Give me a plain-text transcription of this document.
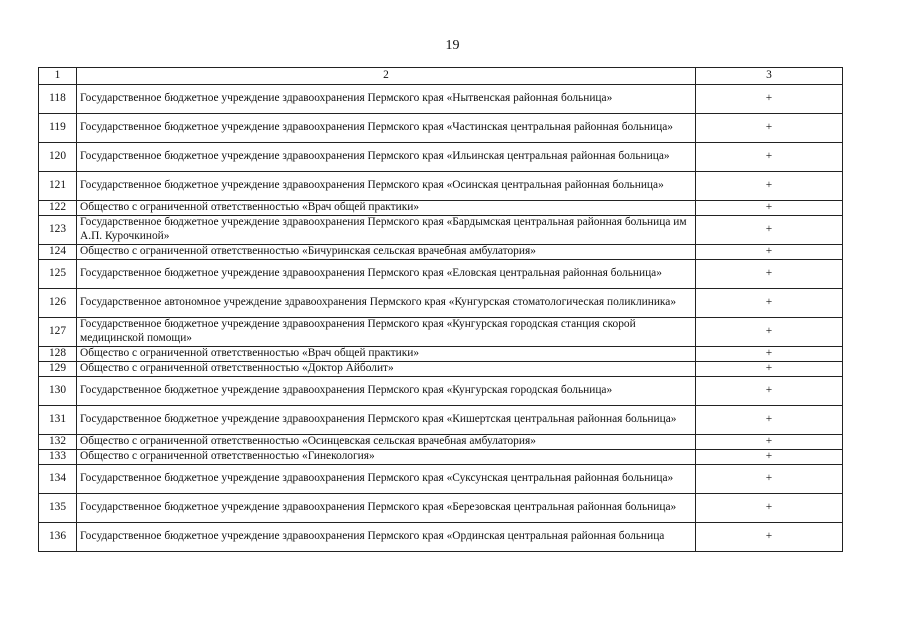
19
1	2	3
118	Государственное бюджетное учреждение здравоохранения Пермского края «Нытвенская районная больница»	+
119	Государственное бюджетное учреждение здравоохранения Пермского края «Частинская центральная районная больница»	+
120	Государственное бюджетное учреждение здравоохранения Пермского края «Ильинская центральная районная больница»	+
121	Государственное бюджетное учреждение здравоохранения Пермского края «Осинская центральная районная больница»	+
122	Общество с ограниченной ответственностью «Врач общей практики»	+
123	Государственное бюджетное учреждение здравоохранения Пермского края «Бардымская центральная районная больница им А.П. Курочкиной»	+
124	Общество с ограниченной ответственностью «Бичуринская сельская врачебная амбулатория»	+
125	Государственное бюджетное учреждение здравоохранения Пермского края «Еловская центральная районная больница»	+
126	Государственное автономное учреждение здравоохранения Пермского края «Кунгурская стоматологическая поликлиника»	+
127	Государственное бюджетное учреждение здравоохранения Пермского края «Кунгурская городская станция скорой медицинской помощи»	+
128	Общество с ограниченной ответственностью «Врач общей практики»	+
129	Общество с ограниченной ответственностью «Доктор Айболит»	+
130	Государственное бюджетное учреждение здравоохранения Пермского края «Кунгурская городская больница»	+
131	Государственное бюджетное учреждение здравоохранения Пермского края «Кишертская центральная районная больница»	+
132	Общество с ограниченной ответственностью «Осинцевская сельская врачебная амбулатория»	+
133	Общество с ограниченной ответственностью «Гинекология»	+
134	Государственное бюджетное учреждение здравоохранения Пермского края «Суксунская центральная районная больница»	+
135	Государственное бюджетное учреждение здравоохранения Пермского края «Березовская центральная районная больница»	+
136	Государственное бюджетное учреждение здравоохранения Пермского края «Ординская центральная районная больница	+
